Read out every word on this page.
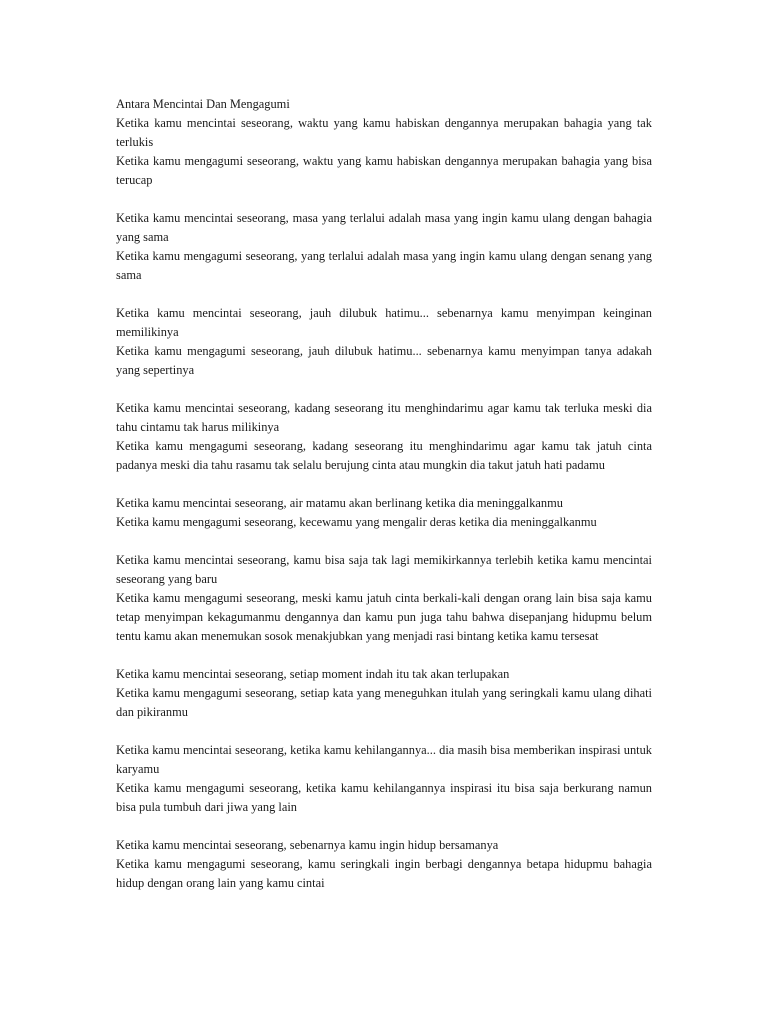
Antara Mencintai Dan Mengagumi

Ketika kamu mencintai seseorang, waktu yang kamu habiskan dengannya merupakan bahagia yang tak terlukis

Ketika kamu mengagumi seseorang, waktu yang kamu habiskan dengannya merupakan bahagia yang bisa terucap

Ketika kamu mencintai seseorang, masa yang terlalui adalah masa yang ingin kamu ulang dengan bahagia yang sama

Ketika kamu mengagumi seseorang, yang terlalui adalah masa yang ingin kamu ulang dengan senang yang sama

Ketika kamu mencintai seseorang, jauh dilubuk hatimu... sebenarnya kamu menyimpan keinginan memilikinya

Ketika kamu mengagumi seseorang, jauh dilubuk hatimu... sebenarnya kamu menyimpan tanya adakah yang sepertinya

Ketika kamu mencintai seseorang, kadang seseorang itu menghindarimu agar kamu tak terluka meski dia tahu cintamu tak harus milikinya

Ketika kamu mengagumi seseorang, kadang seseorang itu menghindarimu agar kamu tak jatuh cinta padanya meski dia tahu rasamu tak selalu berujung cinta atau mungkin dia takut jatuh hati padamu

Ketika kamu mencintai seseorang, air matamu akan berlinang ketika dia meninggalkanmu

Ketika kamu mengagumi seseorang, kecewamu yang mengalir deras ketika dia meninggalkanmu

Ketika kamu mencintai seseorang, kamu bisa saja tak lagi memikirkannya terlebih ketika kamu mencintai seseorang yang baru

Ketika kamu mengagumi seseorang, meski kamu jatuh cinta berkali-kali dengan orang lain bisa saja kamu tetap menyimpan kekagumanmu dengannya dan kamu pun juga tahu bahwa disepanjang hidupmu belum tentu kamu akan menemukan sosok menakjubkan yang menjadi rasi bintang ketika kamu tersesat

Ketika kamu mencintai seseorang, setiap moment indah itu tak akan terlupakan

Ketika kamu mengagumi seseorang, setiap kata yang meneguhkan itulah yang seringkali kamu ulang dihati dan pikiranmu

Ketika kamu mencintai seseorang, ketika kamu kehilangannya... dia masih bisa memberikan inspirasi untuk karyamu

Ketika kamu mengagumi seseorang, ketika kamu kehilangannya inspirasi itu bisa saja berkurang namun bisa pula tumbuh dari jiwa yang lain

Ketika kamu mencintai seseorang, sebenarnya kamu ingin hidup bersamanya

Ketika kamu mengagumi seseorang, kamu seringkali ingin berbagi dengannya betapa hidupmu bahagia hidup dengan orang lain yang kamu cintai
